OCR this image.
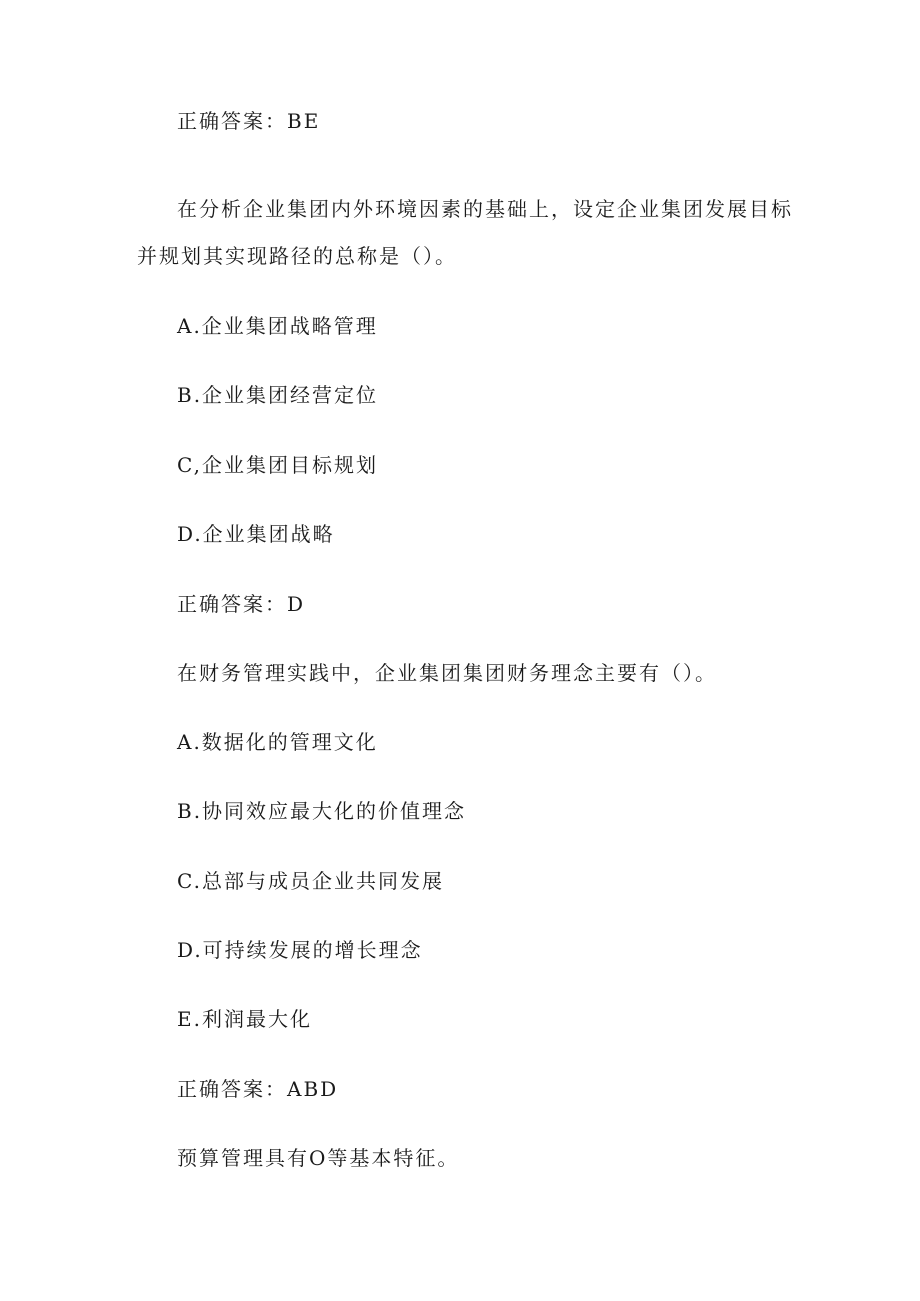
正确答案：BE
在分析企业集团内外环境因素的基础上，设定企业集团发展目标
并规划其实现路径的总称是（）。
A.企业集团战略管理
B.企业集团经营定位
C,企业集团目标规划
D.企业集团战略
正确答案：D
在财务管理实践中，企业集团集团财务理念主要有（）。
A.数据化的管理文化
B.协同效应最大化的价值理念
C.总部与成员企业共同发展
D.可持续发展的增长理念
E.利润最大化
正确答案：ABD
预算管理具有O等基本特征。
